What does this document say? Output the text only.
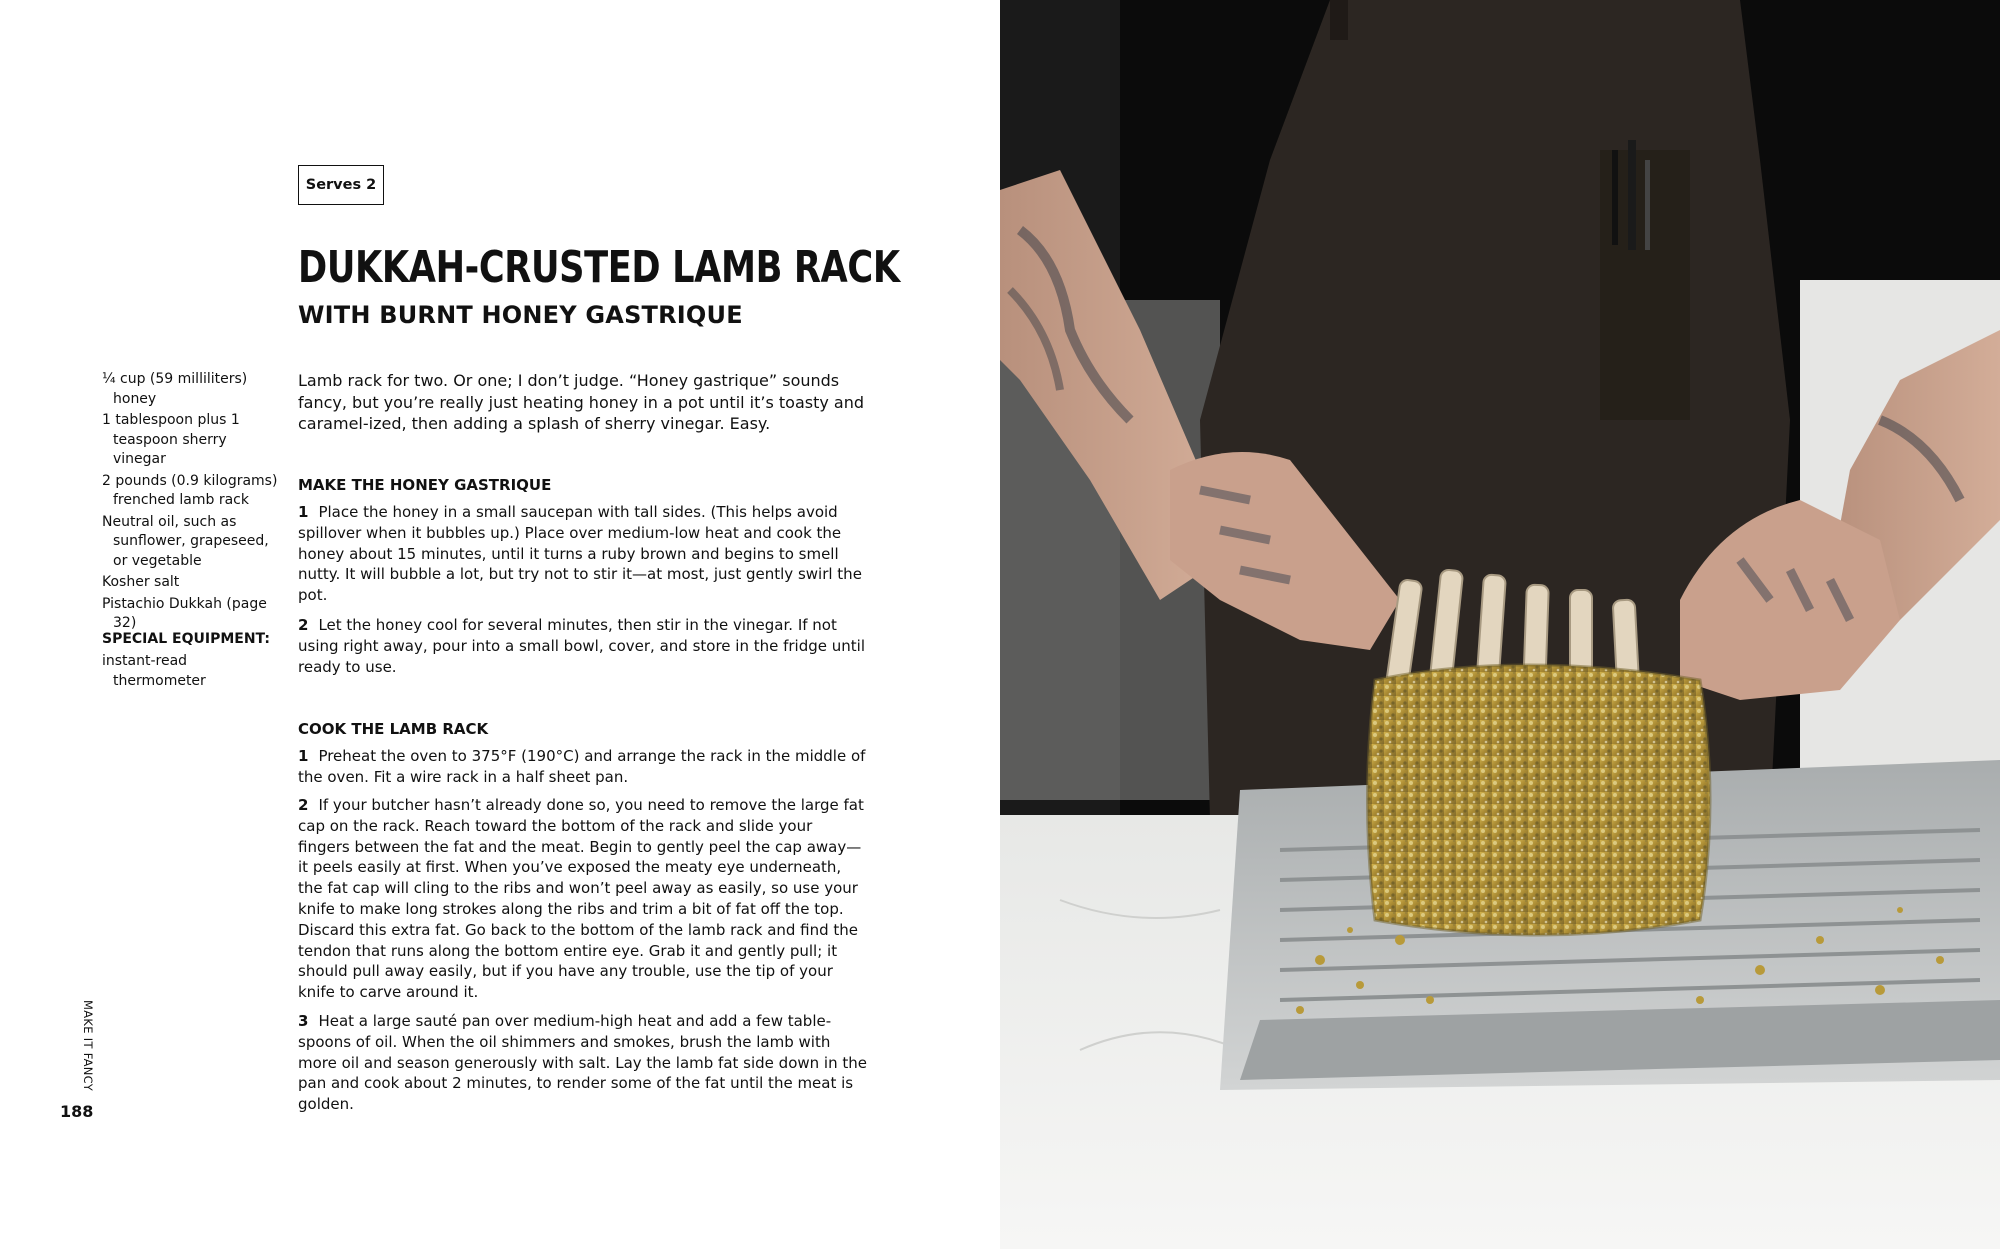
Serves 2
DUKKAH-CRUSTED LAMB RACK
WITH BURNT HONEY GASTRIQUE
¼ cup (59 milliliters) honey
1 tablespoon plus 1 teaspoon sherry vinegar
2 pounds (0.9 kilograms) frenched lamb rack
Neutral oil, such as sunflower, grapeseed, or vegetable
Kosher salt
Pistachio Dukkah (page 32)

SPECIAL EQUIPMENT:

instant-read thermometer

Lamb rack for two. Or one; I don’t judge. “Honey gastrique” sounds fancy, but you’re really just heating honey in a pot until it’s toasty and caramel-ized, then adding a splash of sherry vinegar. Easy.

MAKE THE HONEY GASTRIQUE

1 Place the honey in a small saucepan with tall sides. (This helps avoid spillover when it bubbles up.) Place over medium-low heat and cook the honey about 15 minutes, until it turns a ruby brown and begins to smell nutty. It will bubble a lot, but try not to stir it—at most, just gently swirl the pot.

2 Let the honey cool for several minutes, then stir in the vinegar. If not using right away, pour into a small bowl, cover, and store in the fridge until ready to use.

COOK THE LAMB RACK

1 Preheat the oven to 375°F (190°C) and arrange the rack in the middle of the oven. Fit a wire rack in a half sheet pan.

2 If your butcher hasn’t already done so, you need to remove the large fat cap on the rack. Reach toward the bottom of the rack and slide your fingers between the fat and the meat. Begin to gently peel the cap away—it peels easily at first. When you’ve exposed the meaty eye underneath, the fat cap will cling to the ribs and won’t peel away as easily, so use your knife to make long strokes along the ribs and trim a bit of fat off the top. Discard this extra fat. Go back to the bottom of the lamb rack and find the tendon that runs along the bottom entire eye. Grab it and gently pull; it should pull away easily, but if you have any trouble, use the tip of your knife to carve around it.

3 Heat a large sauté pan over medium-high heat and add a few table-spoons of oil. When the oil shimmers and smokes, brush the lamb with more oil and season generously with salt. Lay the lamb fat side down in the pan and cook about 2 minutes, to render some of the fat until the meat is golden.

MAKE IT FANCY
188
